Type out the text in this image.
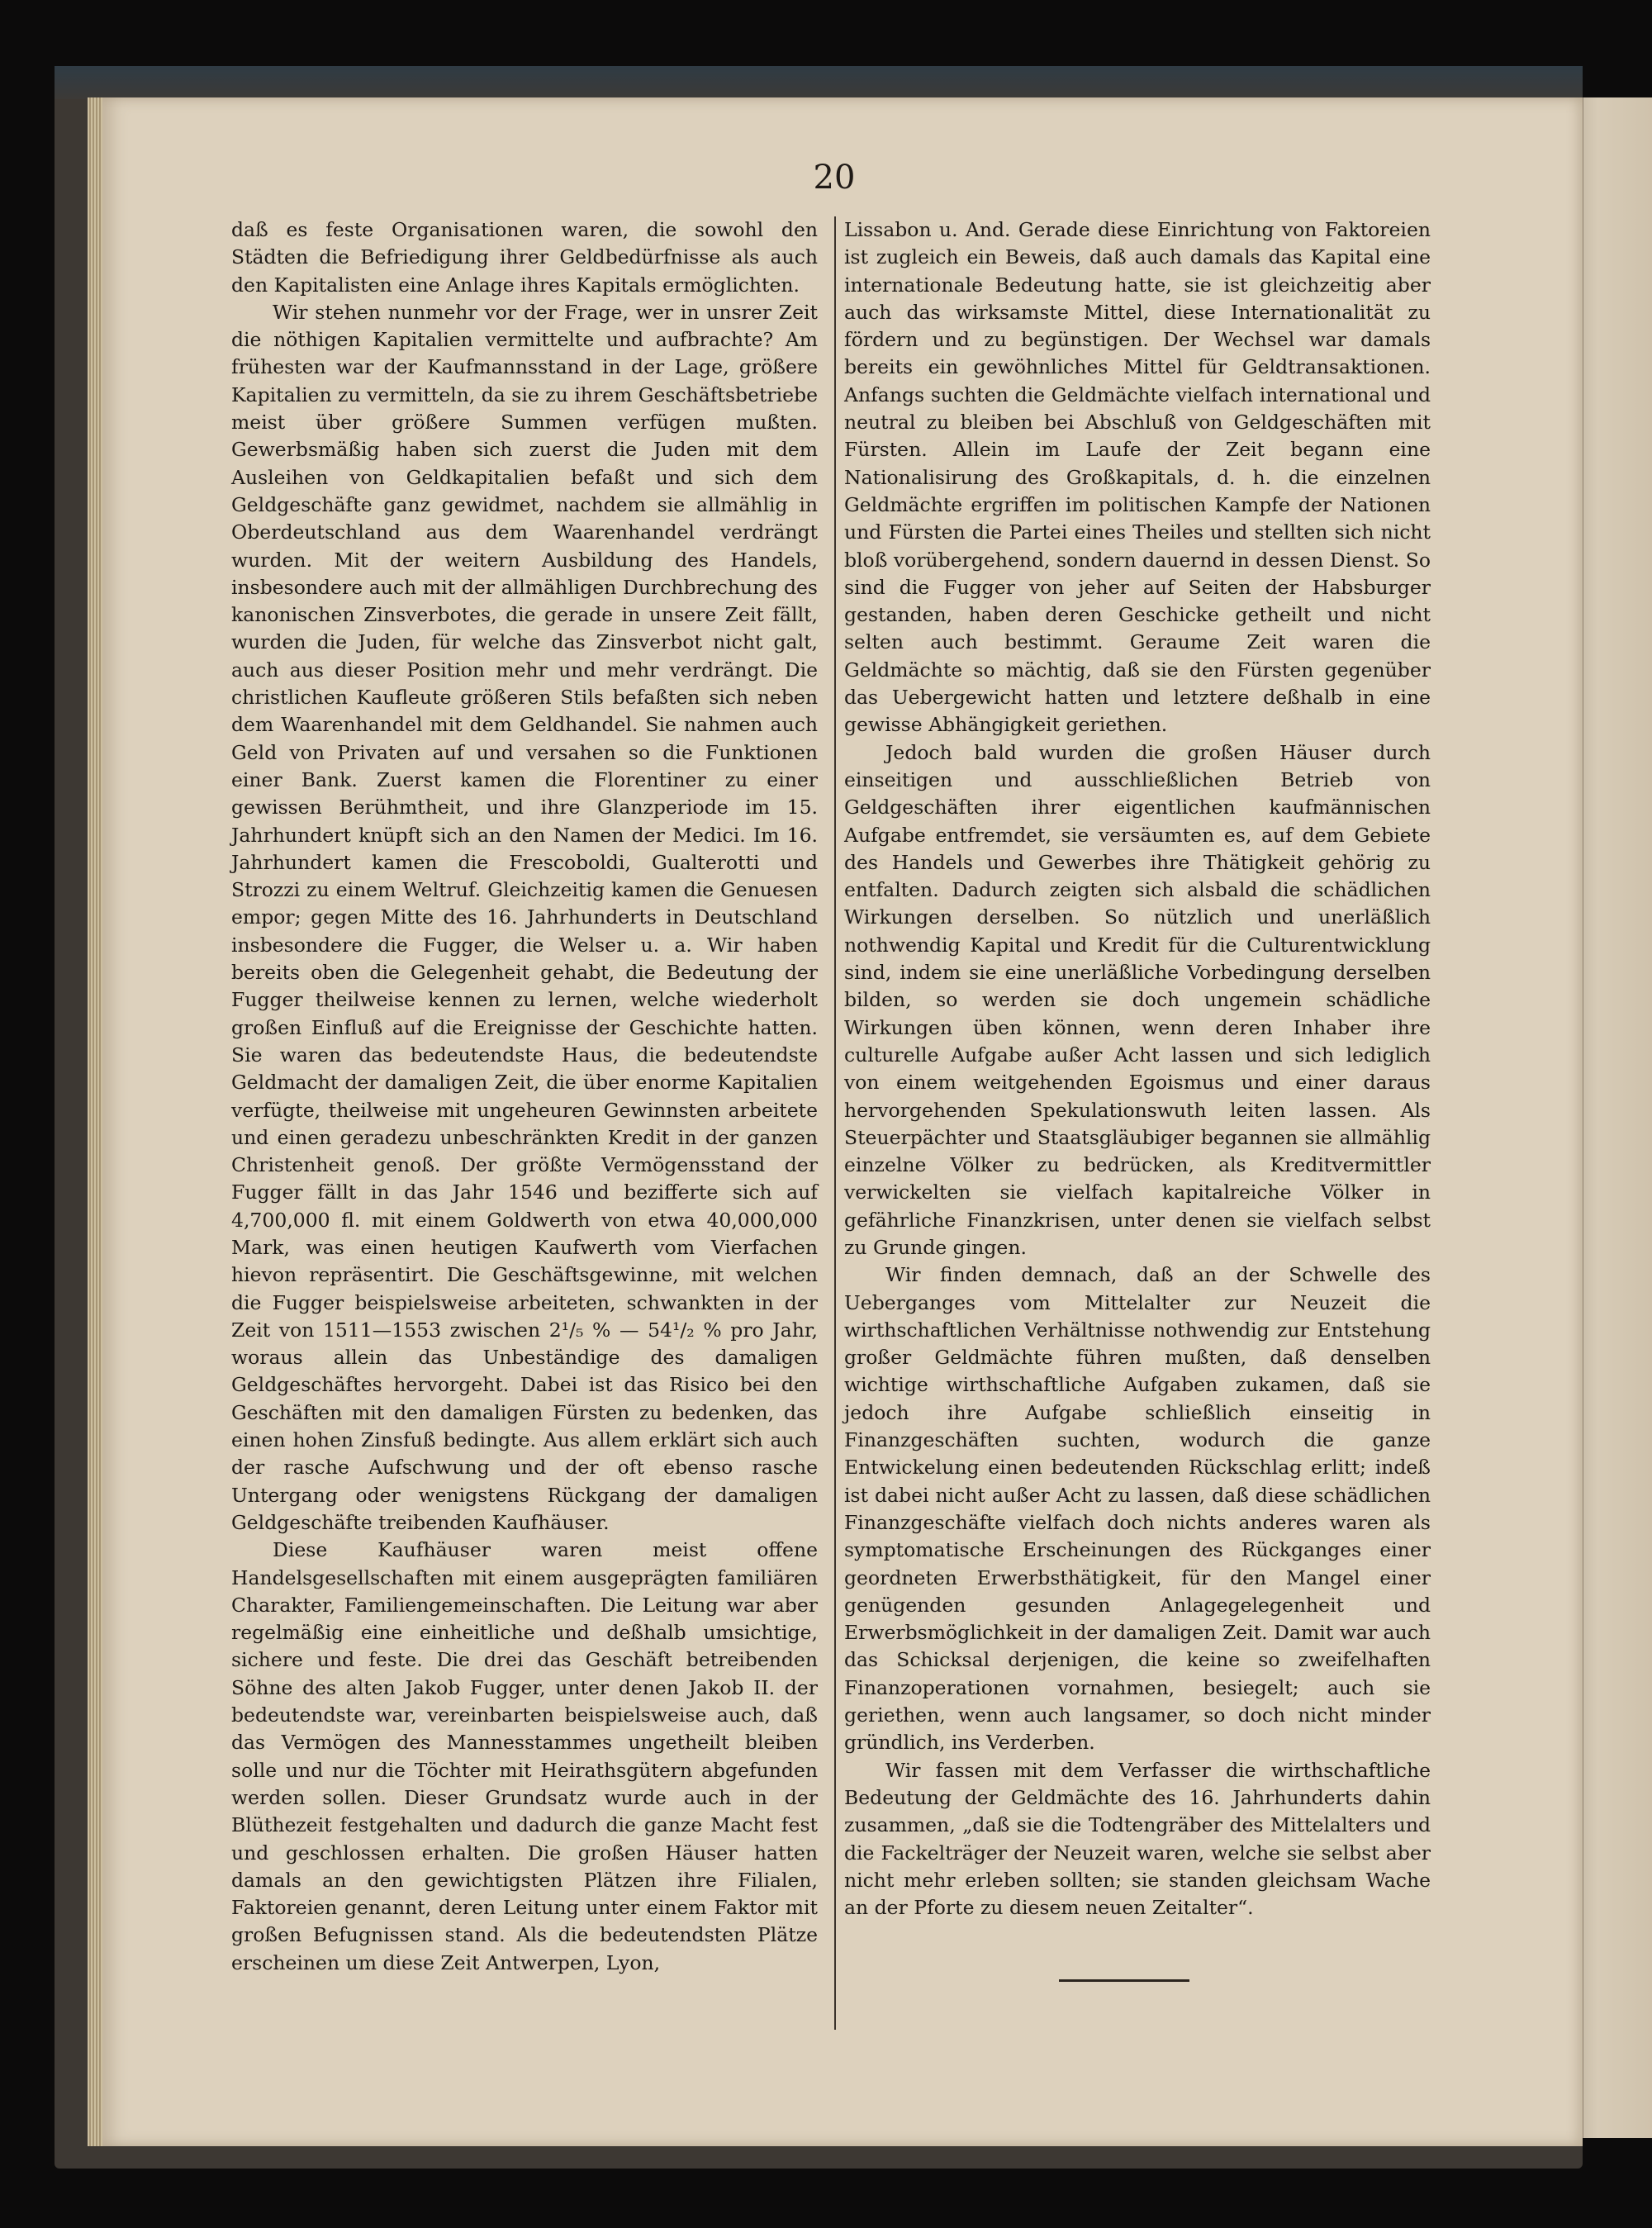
20

daß es feste Organisationen waren, die sowohl den Städten die Befriedigung ihrer Geldbedürfnisse als auch den Kapitalisten eine Anlage ihres Kapitals ermöglichten.

Wir stehen nunmehr vor der Frage, wer in unsrer Zeit die nöthigen Kapitalien vermittelte und aufbrachte? Am frühesten war der Kaufmannsstand in der Lage, größere Kapitalien zu vermitteln, da sie zu ihrem Geschäftsbetriebe meist über größere Summen verfügen mußten. Gewerbsmäßig haben sich zuerst die Juden mit dem Ausleihen von Geldkapitalien befaßt und sich dem Geldgeschäfte ganz gewidmet, nachdem sie allmählig in Oberdeutschland aus dem Waarenhandel verdrängt wurden. Mit der weitern Ausbildung des Handels, insbesondere auch mit der allmähligen Durchbrechung des kanonischen Zinsverbotes, die gerade in unsere Zeit fällt, wurden die Juden, für welche das Zinsverbot nicht galt, auch aus dieser Position mehr und mehr verdrängt. Die christlichen Kaufleute größeren Stils befaßten sich neben dem Waarenhandel mit dem Geldhandel. Sie nahmen auch Geld von Privaten auf und versahen so die Funktionen einer Bank. Zuerst kamen die Florentiner zu einer gewissen Berühmtheit, und ihre Glanzperiode im 15. Jahrhundert knüpft sich an den Namen der Medici. Im 16. Jahrhundert kamen die Frescoboldi, Gualterotti und Strozzi zu einem Weltruf. Gleichzeitig kamen die Genuesen empor; gegen Mitte des 16. Jahrhunderts in Deutschland insbesondere die Fugger, die Welser u. a. Wir haben bereits oben die Gelegenheit gehabt, die Bedeutung der Fugger theilweise kennen zu lernen, welche wiederholt großen Einfluß auf die Ereignisse der Geschichte hatten. Sie waren das bedeutendste Haus, die bedeutendste Geldmacht der damaligen Zeit, die über enorme Kapitalien verfügte, theilweise mit ungeheuren Gewinnsten arbeitete und einen geradezu unbeschränkten Kredit in der ganzen Christenheit genoß. Der größte Vermögensstand der Fugger fällt in das Jahr 1546 und bezifferte sich auf 4,700,000 fl. mit einem Goldwerth von etwa 40,000,000 Mark, was einen heutigen Kaufwerth vom Vierfachen hievon repräsentirt. Die Geschäftsgewinne, mit welchen die Fugger beispielsweise arbeiteten, schwankten in der Zeit von 1511—1553 zwischen 2¹/₅ % — 54¹/₂ % pro Jahr, woraus allein das Unbeständige des damaligen Geldgeschäftes hervorgeht. Dabei ist das Risico bei den Geschäften mit den damaligen Fürsten zu bedenken, das einen hohen Zinsfuß bedingte. Aus allem erklärt sich auch der rasche Aufschwung und der oft ebenso rasche Untergang oder wenigstens Rückgang der damaligen Geldgeschäfte treibenden Kaufhäuser.

Diese Kaufhäuser waren meist offene Handelsgesellschaften mit einem ausgeprägten familiären Charakter, Familiengemeinschaften. Die Leitung war aber regelmäßig eine einheitliche und deßhalb umsichtige, sichere und feste. Die drei das Geschäft betreibenden Söhne des alten Jakob Fugger, unter denen Jakob II. der bedeutendste war, vereinbarten beispielsweise auch, daß das Vermögen des Mannesstammes ungetheilt bleiben solle und nur die Töchter mit Heirathsgütern abgefunden werden sollen. Dieser Grundsatz wurde auch in der Blüthezeit festgehalten und dadurch die ganze Macht fest und geschlossen erhalten. Die großen Häuser hatten damals an den gewichtigsten Plätzen ihre Filialen, Faktoreien genannt, deren Leitung unter einem Faktor mit großen Befugnissen stand. Als die bedeutendsten Plätze erscheinen um diese Zeit Antwerpen, Lyon,

Lissabon u. And. Gerade diese Einrichtung von Faktoreien ist zugleich ein Beweis, daß auch damals das Kapital eine internationale Bedeutung hatte, sie ist gleichzeitig aber auch das wirksamste Mittel, diese Internationalität zu fördern und zu begünstigen. Der Wechsel war damals bereits ein gewöhnliches Mittel für Geldtransaktionen. Anfangs suchten die Geldmächte vielfach international und neutral zu bleiben bei Abschluß von Geldgeschäften mit Fürsten. Allein im Laufe der Zeit begann eine Nationalisirung des Großkapitals, d. h. die einzelnen Geldmächte ergriffen im politischen Kampfe der Nationen und Fürsten die Partei eines Theiles und stellten sich nicht bloß vorübergehend, sondern dauernd in dessen Dienst. So sind die Fugger von jeher auf Seiten der Habsburger gestanden, haben deren Geschicke getheilt und nicht selten auch bestimmt. Geraume Zeit waren die Geldmächte so mächtig, daß sie den Fürsten gegenüber das Uebergewicht hatten und letztere deßhalb in eine gewisse Abhängigkeit geriethen.

Jedoch bald wurden die großen Häuser durch einseitigen und ausschließlichen Betrieb von Geldgeschäften ihrer eigentlichen kaufmännischen Aufgabe entfremdet, sie versäumten es, auf dem Gebiete des Handels und Gewerbes ihre Thätigkeit gehörig zu entfalten. Dadurch zeigten sich alsbald die schädlichen Wirkungen derselben. So nützlich und unerläßlich nothwendig Kapital und Kredit für die Culturentwicklung sind, indem sie eine unerläßliche Vorbedingung derselben bilden, so werden sie doch ungemein schädliche Wirkungen üben können, wenn deren Inhaber ihre culturelle Aufgabe außer Acht lassen und sich lediglich von einem weitgehenden Egoismus und einer daraus hervorgehenden Spekulationswuth leiten lassen. Als Steuerpächter und Staatsgläubiger begannen sie allmählig einzelne Völker zu bedrücken, als Kreditvermittler verwickelten sie vielfach kapitalreiche Völker in gefährliche Finanzkrisen, unter denen sie vielfach selbst zu Grunde gingen.

Wir finden demnach, daß an der Schwelle des Ueberganges vom Mittelalter zur Neuzeit die wirthschaftlichen Verhältnisse nothwendig zur Entstehung großer Geldmächte führen mußten, daß denselben wichtige wirthschaftliche Aufgaben zukamen, daß sie jedoch ihre Aufgabe schließlich einseitig in Finanzgeschäften suchten, wodurch die ganze Entwickelung einen bedeutenden Rückschlag erlitt; indeß ist dabei nicht außer Acht zu lassen, daß diese schädlichen Finanzgeschäfte vielfach doch nichts anderes waren als symptomatische Erscheinungen des Rückganges einer geordneten Erwerbsthätigkeit, für den Mangel einer genügenden gesunden Anlagegelegenheit und Erwerbsmöglichkeit in der damaligen Zeit. Damit war auch das Schicksal derjenigen, die keine so zweifelhaften Finanzoperationen vornahmen, besiegelt; auch sie geriethen, wenn auch langsamer, so doch nicht minder gründlich, ins Verderben.

Wir fassen mit dem Verfasser die wirthschaftliche Bedeutung der Geldmächte des 16. Jahrhunderts dahin zusammen, „daß sie die Todtengräber des Mittelalters und die Fackelträger der Neuzeit waren, welche sie selbst aber nicht mehr erleben sollten; sie standen gleichsam Wache an der Pforte zu diesem neuen Zeitalter“.
